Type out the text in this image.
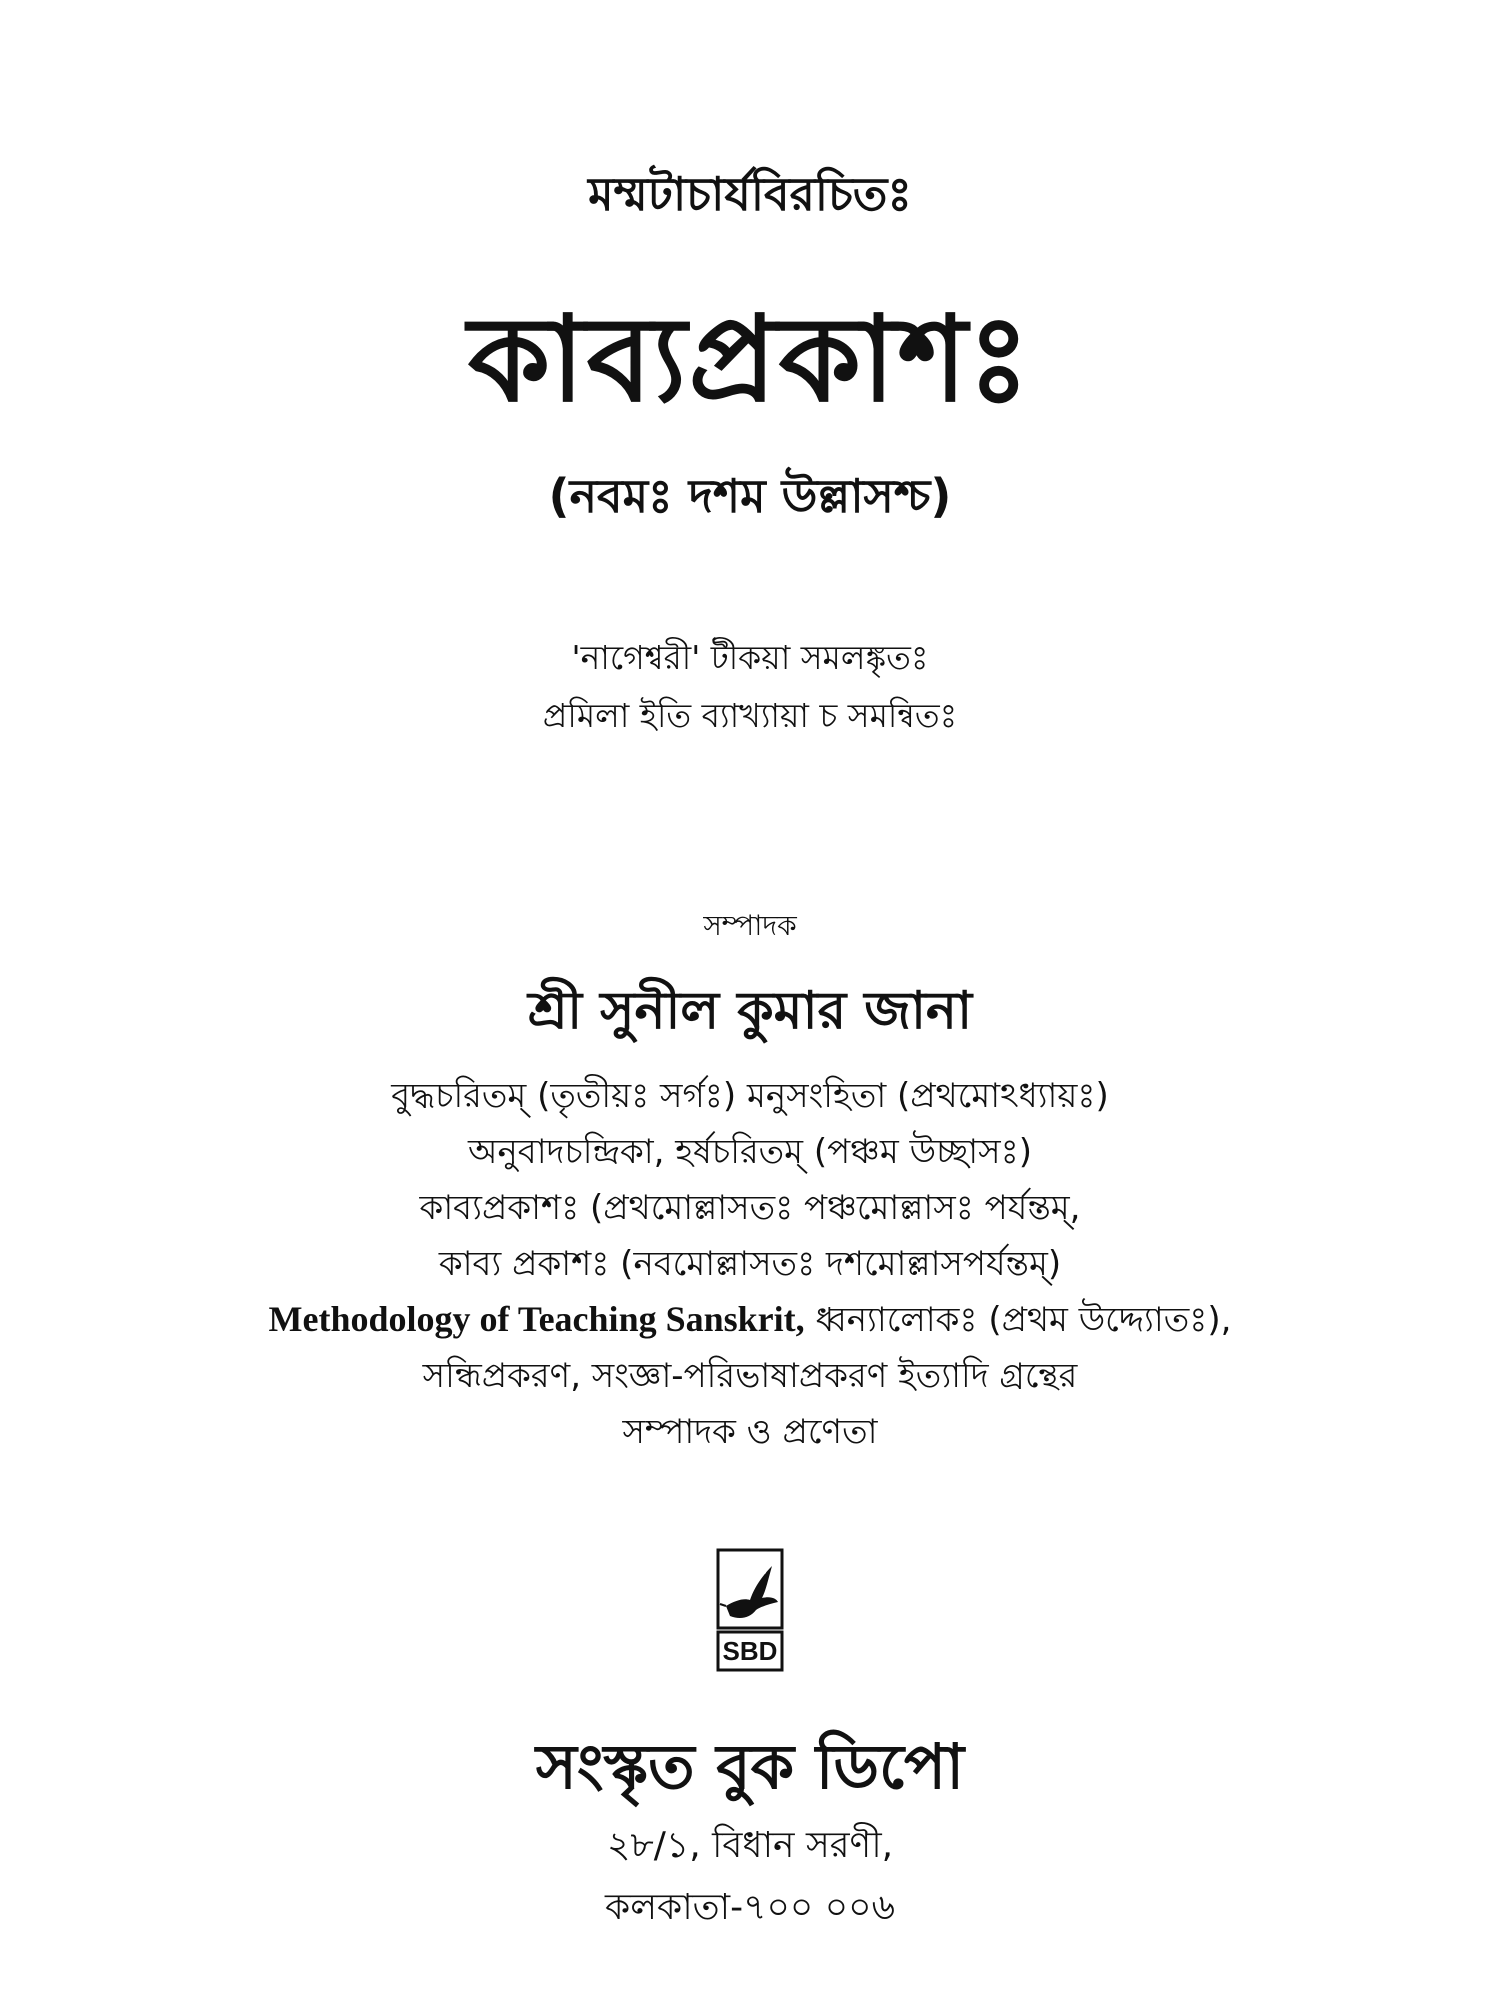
মম্মটাচার্যবিরচিতঃ
কাব্যপ্রকাশঃ
(নবমঃ দশম উল্লাসশ্চ)
'নাগেশ্বরী' টীকয়া সমলঙ্কৃতঃ
প্রমিলা ইতি ব্যাখ্যায়া চ সমন্বিতঃ
সম্পাদক
শ্রী সুনীল কুমার জানা
বুদ্ধচরিতম্ (তৃতীয়ঃ সর্গঃ) মনুসংহিতা (প্রথমোঽধ্যায়ঃ)
অনুবাদচন্দ্রিকা, হর্ষচরিতম্ (পঞ্চম উচ্ছাসঃ)
কাব্যপ্রকাশঃ (প্রথমোল্লাসতঃ পঞ্চমোল্লাসঃ পর্যন্তম্,
কাব্য প্রকাশঃ (নবমোল্লাসতঃ দশমোল্লাসপর্যন্তম্)
Methodology of Teaching Sanskrit, ধ্বন্যালোকঃ (প্রথম উদ্দ্যোতঃ),
সন্ধিপ্রকরণ, সংজ্ঞা-পরিভাষাপ্রকরণ ইত্যাদি গ্রন্থের
সম্পাদক ও প্রণেতা
SBD
সংস্কৃত বুক ডিপো
২৮/১, বিধান সরণী,
কলকাতা-৭০০ ০০৬
